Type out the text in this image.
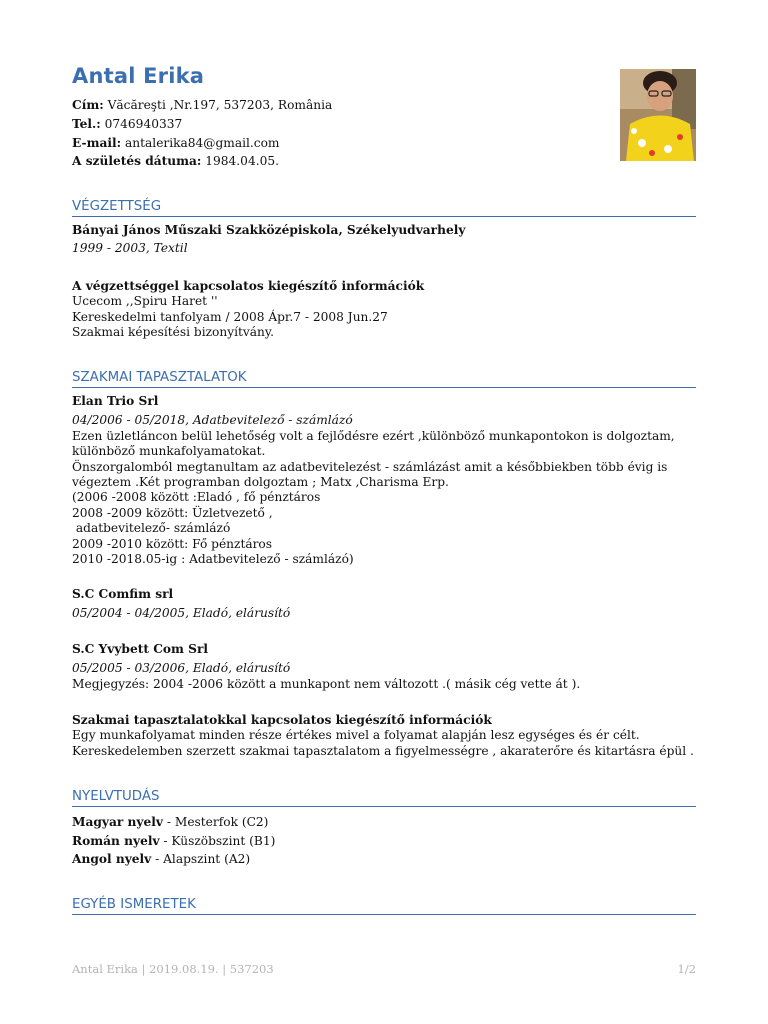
Antal Erika
Cím: Văcăreşti ,Nr.197, 537203, România
Tel.: 0746940337
E-mail: antalerika84@gmail.com
A születés dátuma: 1984.04.05.
VÉGZETTSÉG
Bányai János Műszaki Szakközépiskola, Székelyudvarhely
1999 - 2003, Textil
A végzettséggel kapcsolatos kiegészítő információk
Ucecom ,,Spiru Haret ''
Kereskedelmi tanfolyam / 2008 Ápr.7 - 2008 Jun.27
Szakmai képesítési bizonyítvány.
SZAKMAI TAPASZTALATOK
Elan Trio Srl
04/2006 - 05/2018, Adatbevitelező - számlázó
Ezen üzletláncon belül lehetőség volt a fejlődésre ezért ,különböző munkapontokon is dolgoztam,
különböző munkafolyamatokat.
Önszorgalomból megtanultam az adatbevitelezést - számlázást amit a későbbiekben több évig is
végeztem .Két programban dolgoztam ; Matx ,Charisma Erp.
(2006 -2008 között :Eladó , fő pénztáros
2008 -2009 között: Üzletvezető ,
adatbevitelező- számlázó
2009 -2010 között: Fő pénztáros
2010 -2018.05-ig : Adatbevitelező - számlázó)
S.C Comfim srl
05/2004 - 04/2005, Eladó, elárusító
S.C Yvybett Com Srl
05/2005 - 03/2006, Eladó, elárusító
Megjegyzés: 2004 -2006 között a munkapont nem változott .( másik cég vette át ).
Szakmai tapasztalatokkal kapcsolatos kiegészítő információk
Egy munkafolyamat minden része értékes mivel a folyamat alapján lesz egységes és ér célt.
Kereskedelemben szerzett szakmai tapasztalatom a figyelmességre , akaraterőre és kitartásra épül .
NYELVTUDÁS
Magyar nyelv - Mesterfok (C2)
Román nyelv - Küszöbszint (B1)
Angol nyelv - Alapszint (A2)
EGYÉB ISMERETEK
Antal Erika | 2019.08.19. | 537203	1/2
